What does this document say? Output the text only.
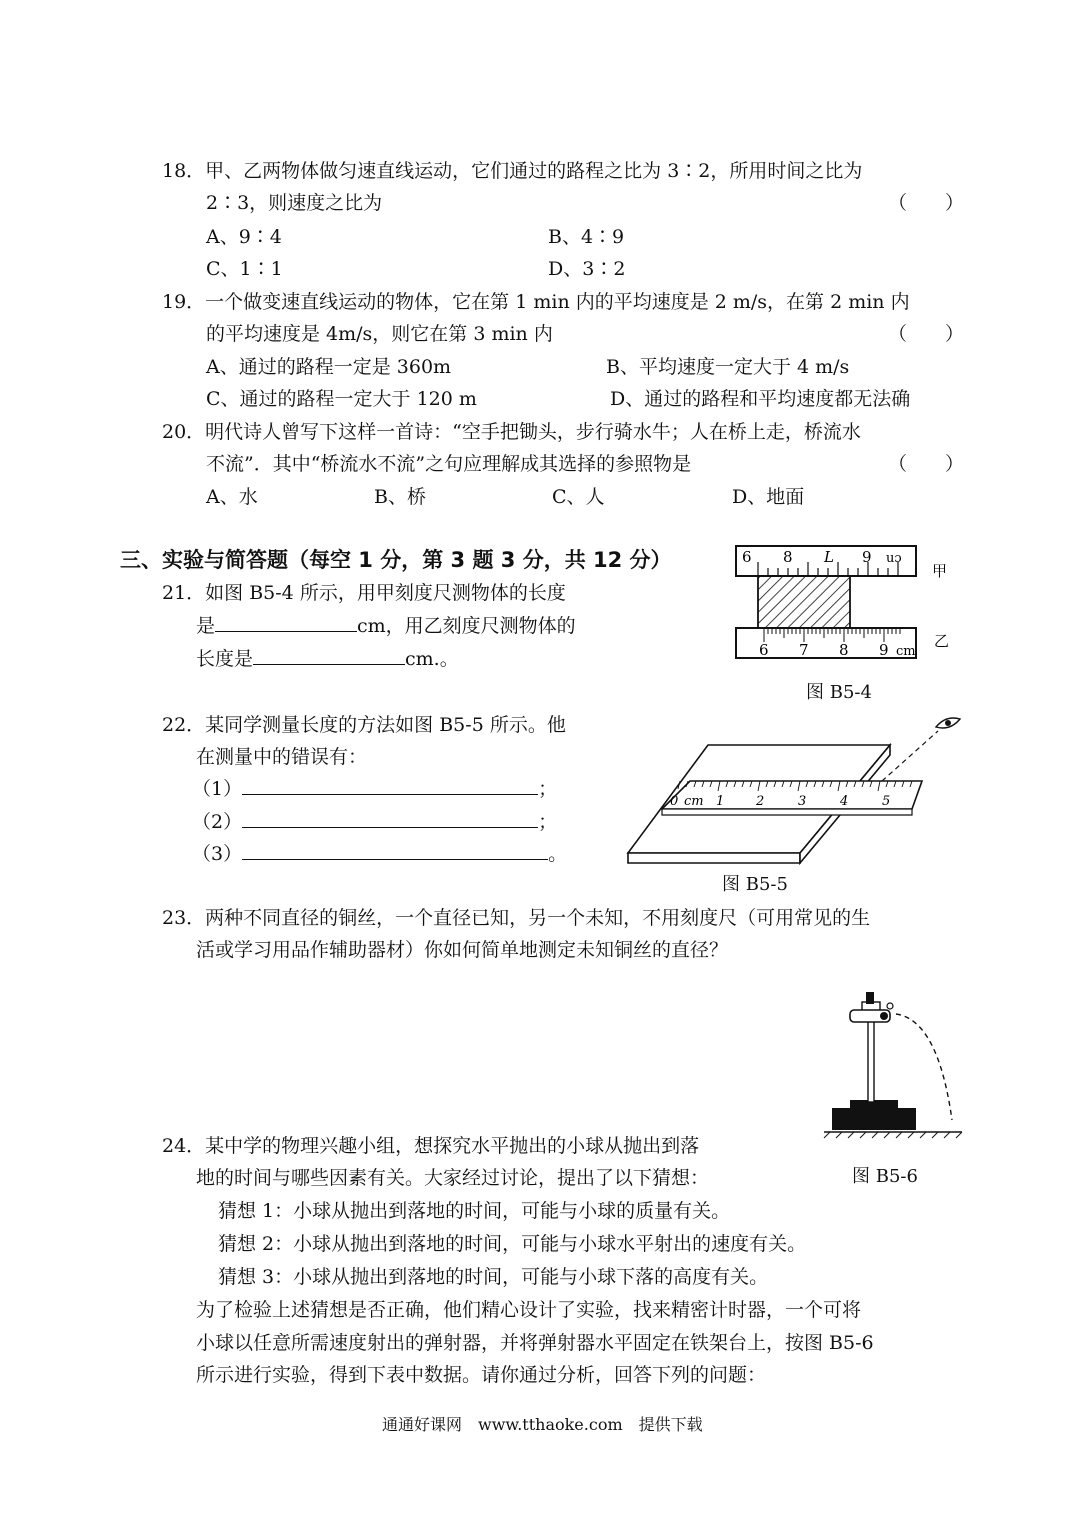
18．甲、乙两物体做匀速直线运动，它们通过的路程之比为 3∶2，所用时间之比为
2∶3，则速度之比为	（　　）
A、9∶4	B、4∶9
C、1∶1	D、3∶2
19．一个做变速直线运动的物体，它在第 1 min 内的平均速度是 2 m/s，在第 2 min 内
的平均速度是 4m/s，则它在第 3 min 内	（　　）
A、通过的路程一定是 360m	B、平均速度一定大于 4 m/s
C、通过的路程一定大于 120 m	D、通过的路程和平均速度都无法确
20．明代诗人曾写下这样一首诗：“空手把锄头，步行骑水牛；人在桥上走，桥流水
不流”．其中“桥流水不流”之句应理解成其选择的参照物是	（　　）
A、水	B、桥	C、人	D、地面
三、实验与简答题（每空 1 分，第 3 题 3 分，共 12 分）
21．如图 B5-4 所示，用甲刻度尺测物体的长度
是	cm，用乙刻度尺测物体的
长度是	cm.。
6 8 L 9 uɔ
甲
6 7 8 9 cm
乙
图 B5-4
22．某同学测量长度的方法如图 B5-5 所示。他
在测量中的错误有：
（1）	；
（2）	；
（3）	。
0 cm 1 2	3	4	5
图 B5-5
23．两种不同直径的铜丝，一个直径已知，另一个未知，不用刻度尺（可用常见的生
活或学习用品作辅助器材）你如何简单地测定未知铜丝的直径？
图 B5-6
24．某中学的物理兴趣小组，想探究水平抛出的小球从抛出到落
地的时间与哪些因素有关。大家经过讨论，提出了以下猜想：
猜想 1：小球从抛出到落地的时间，可能与小球的质量有关。
猜想 2：小球从抛出到落地的时间，可能与小球水平射出的速度有关。
猜想 3：小球从抛出到落地的时间，可能与小球下落的高度有关。
为了检验上述猜想是否正确，他们精心设计了实验，找来精密计时器，一个可将
小球以任意所需速度射出的弹射器，并将弹射器水平固定在铁架台上，按图 B5-6
所示进行实验，得到下表中数据。请你通过分析，回答下列的问题：
通通好课网　www.tthaoke.com　提供下载
